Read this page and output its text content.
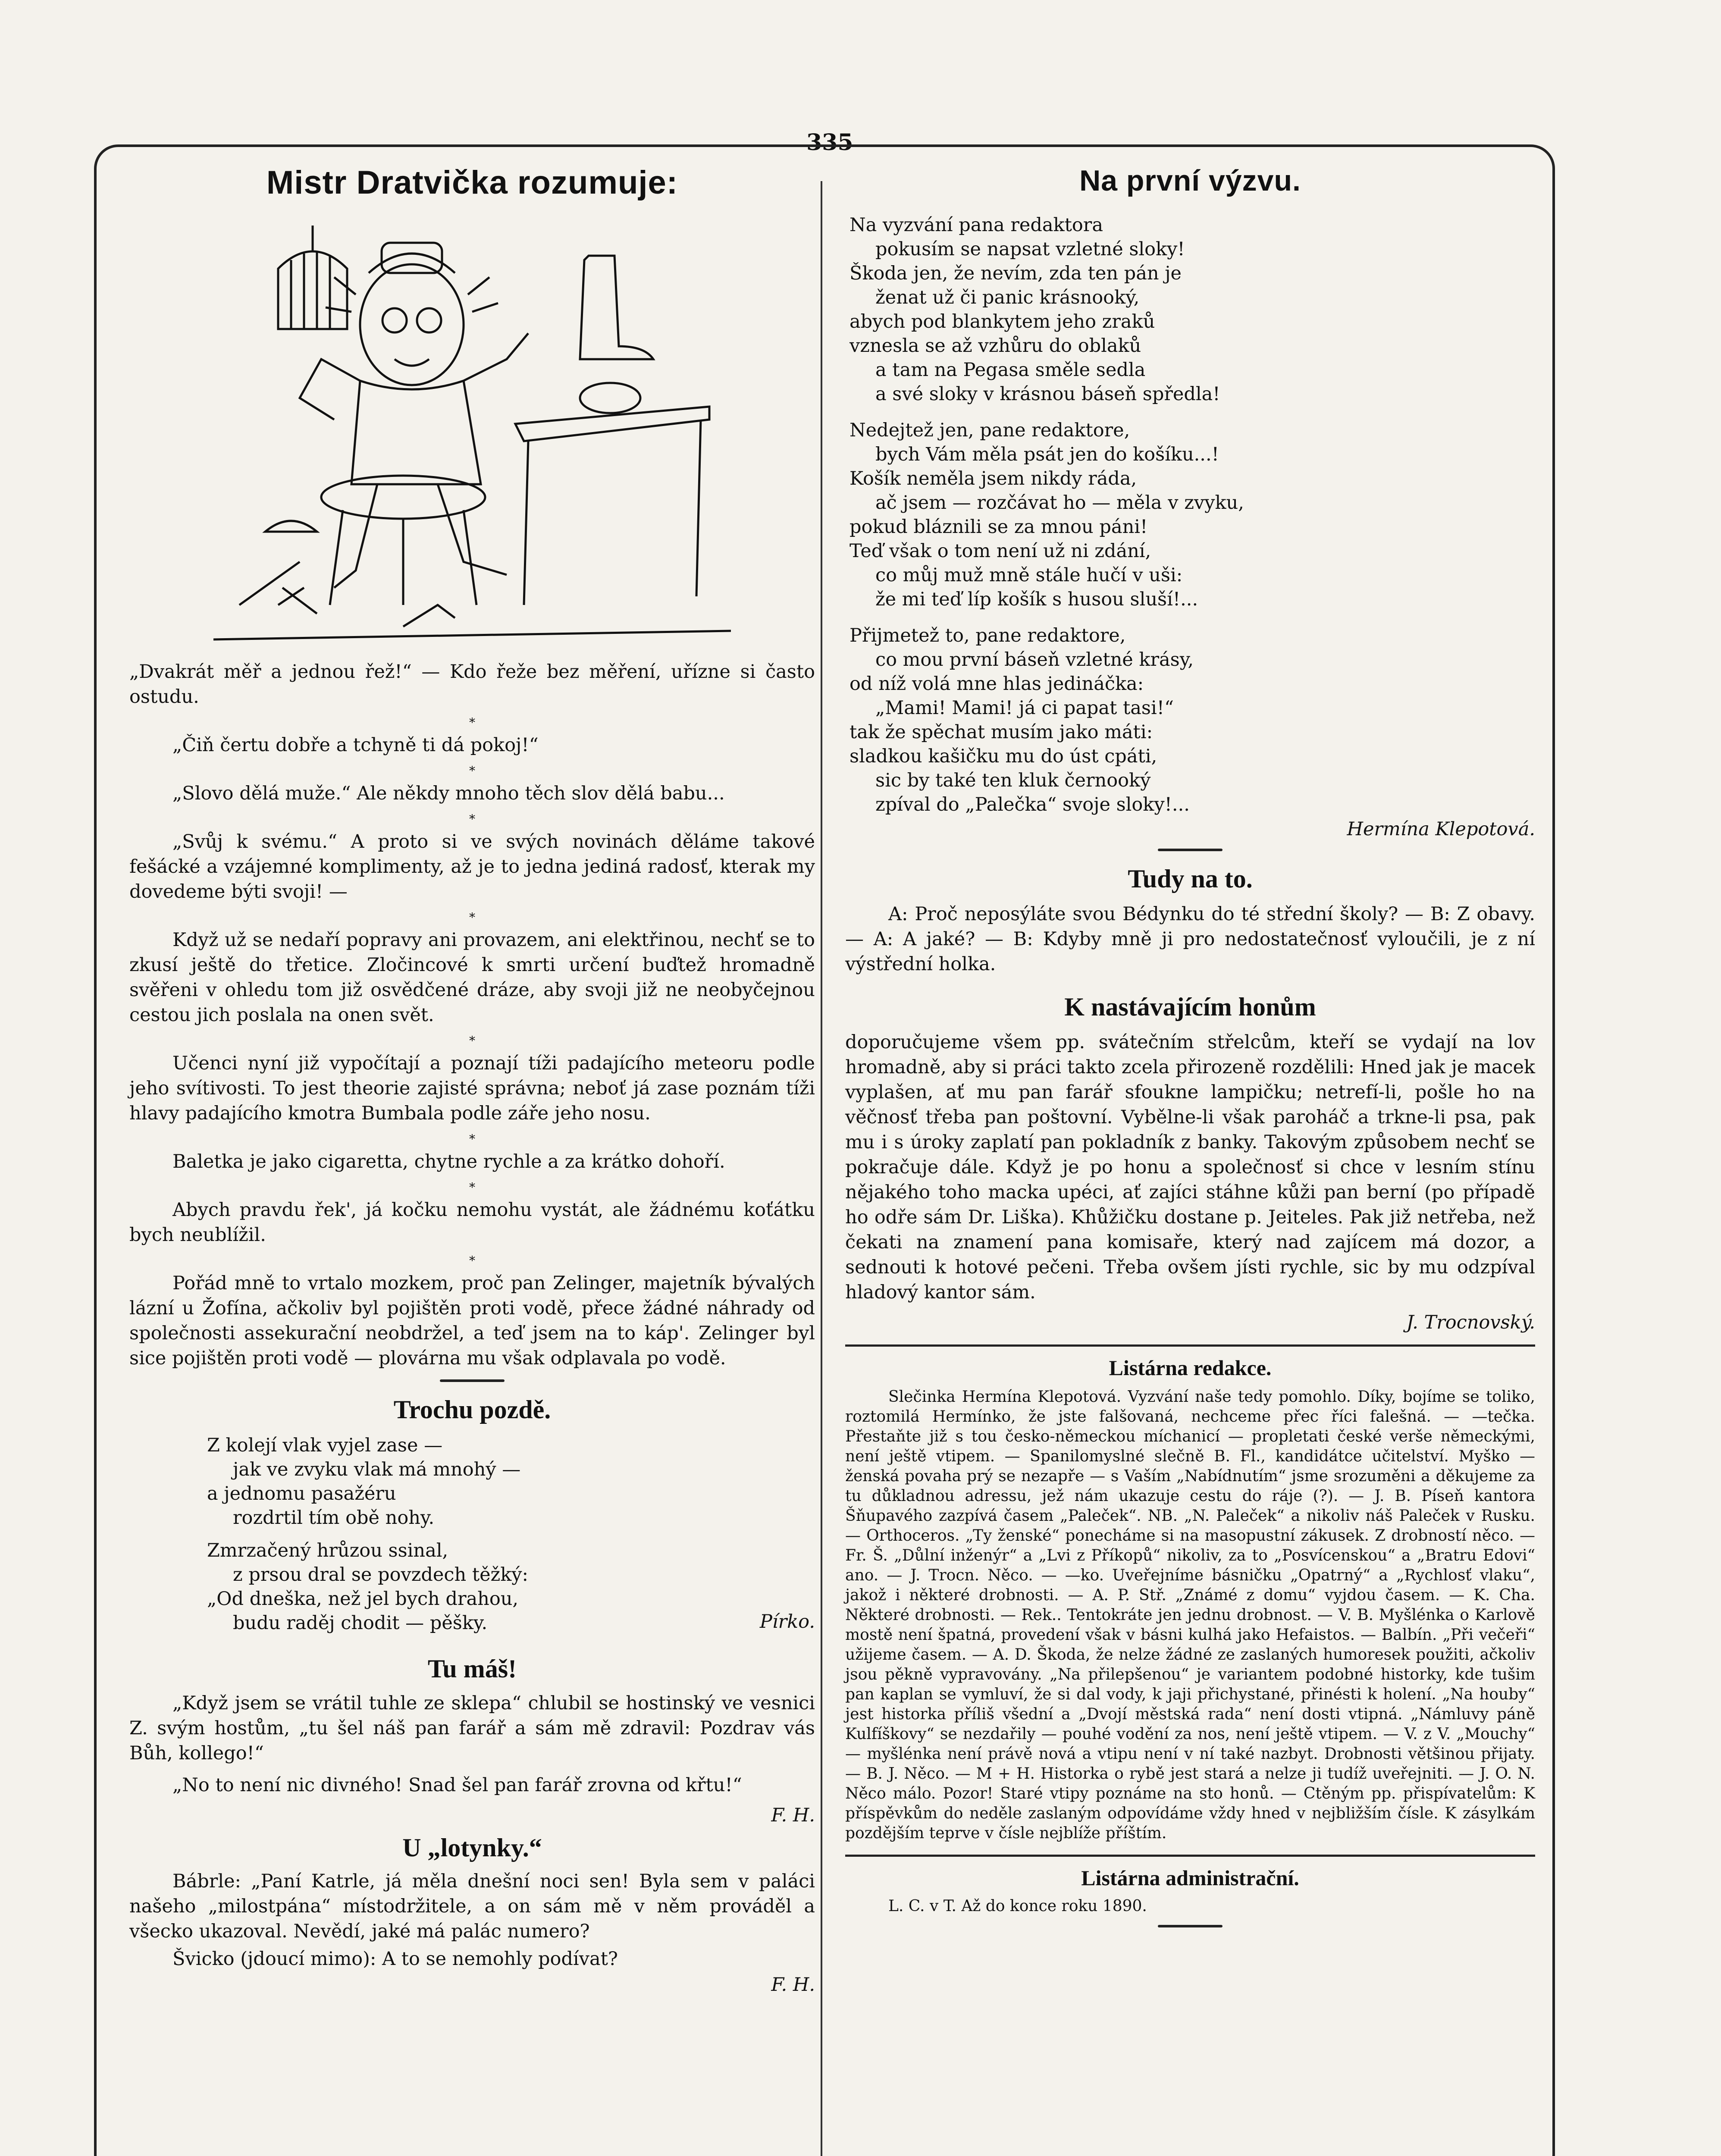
335
Mistr Dratvička rozumuje:

„Dvakrát měř a jednou řež!“ — Kdo řeže bez měření, uřízne si často ostudu.

*

„Čiň čertu dobře a tchyně ti dá pokoj!“

*

„Slovo dělá muže.“ Ale někdy mnoho těch slov dělá babu...

*

„Svůj k svému.“ A proto si ve svých novinách děláme takové fešácké a vzájemné komplimenty, až je to jedna jediná radosť, kterak my dovedeme býti svoji! —

*

Když už se nedaří popravy ani provazem, ani elektřinou, nechť se to zkusí ještě do třetice. Zločincové k smrti určení buďtež hromadně svěřeni v ohledu tom již osvědčené dráze, aby svoji již ne neobyčejnou cestou jich poslala na onen svět.

*

Učenci nyní již vypočítají a poznají tíži padajícího meteoru podle jeho svítivosti. To jest theorie zajisté správna; neboť já zase poznám tíži hlavy padajícího kmotra Bumbala podle záře jeho nosu.

*

Baletka je jako cigaretta, chytne rychle a za krátko dohoří.

*

Abych pravdu řek', já kočku nemohu vystát, ale žádnému koťátku bych neublížil.

*

Pořád mně to vrtalo mozkem, proč pan Zelinger, majetník bývalých lázní u Žofína, ačkoliv byl pojištěn proti vodě, přece žádné náhrady od společnosti assekurační neobdržel, a teď jsem na to káp'. Zelinger byl sice pojištěn proti vodě — plovárna mu však odplavala po vodě.

Trochu pozdě.
Z kolejí vlak vyjel zase —
jak ve zvyku vlak má mnohý —
a jednomu pasažéru
rozdrtil tím obě nohy.
Zmrzačený hrůzou ssinal,
z prsou dral se povzdech těžký:
„Od dneška, než jel bych drahou,
budu raděj chodit — pěšky.	Pírko.
Tu máš!

„Když jsem se vrátil tuhle ze sklepa“ chlubil se hostinský ve vesnici Z. svým hostům, „tu šel náš pan farář a sám mě zdravil: Pozdrav vás Bůh, kollego!“

„No to není nic divného! Snad šel pan farář zrovna od křtu!“

F. H.
U „lotynky.“

Bábrle: „Paní Katrle, já měla dnešní noci sen! Byla sem v paláci našeho „milostpána“ místodržitele, a on sám mě v něm prováděl a všecko ukazoval. Nevědí, jaké má palác numero?

Švicko (jdoucí mimo): A to se nemohly podívat?

F. H.
Na první výzvu.
Na vyzvání pana redaktora
pokusím se napsat vzletné sloky!
Škoda jen, že nevím, zda ten pán je
ženat už či panic krásnooký,
abych pod blankytem jeho zraků
vznesla se až vzhůru do oblaků
a tam na Pegasa směle sedla
a své sloky v krásnou báseň spředla!
Nedejtež jen, pane redaktore,
bych Vám měla psát jen do košíku...!
Košík neměla jsem nikdy ráda,
ač jsem — rozčávat ho — měla v zvyku,
pokud bláznili se za mnou páni!
Teď však o tom není už ni zdání,
co můj muž mně stále hučí v uši:
že mi teď líp košík s husou sluší!...
Přijmetež to, pane redaktore,
co mou první báseň vzletné krásy,
od níž volá mne hlas jedináčka:
„Mami! Mami! já ci papat tasi!“
tak že spěchat musím jako máti:
sladkou kašičku mu do úst cpáti,
sic by také ten kluk černooký
zpíval do „Palečka“ svoje sloky!...
Hermína Klepotová.
Tudy na to.

A: Proč neposýláte svou Bédynku do té střední školy? — B: Z obavy. — A: A jaké? — B: Kdyby mně ji pro nedostatečnosť vyloučili, je z ní výstřední holka.

K nastávajícím honům

doporučujeme všem pp. svátečním střelcům, kteří se vydají na lov hromadně, aby si práci takto zcela přirozeně rozdělili: Hned jak je macek vyplašen, ať mu pan farář sfoukne lampičku; netrefí-li, pošle ho na věčnosť třeba pan poštovní. Vybělne-li však paroháč a trkne-li psa, pak mu i s úroky zaplatí pan pokladník z banky. Takovým způsobem nechť se pokračuje dále. Když je po honu a společnosť si chce v lesním stínu nějakého toho macka upéci, ať zajíci stáhne kůži pan berní (po případě ho odře sám Dr. Liška). Khůžičku dostane p. Jeiteles. Pak již netřeba, než čekati na znamení pana komisaře, který nad zajícem má dozor, a sednouti k hotové pečeni. Třeba ovšem jísti rychle, sic by mu odzpíval hladový kantor sám.

J. Trocnovský.
Listárna redakce.

Slečinka Hermína Klepotová. Vyzvání naše tedy pomohlo. Díky, bojíme se toliko, roztomilá Hermínko, že jste falšovaná, nechceme přec říci falešná. — —tečka. Přestaňte již s tou česko-německou míchanicí — propletati české verše německými, není ještě vtipem. — Spanilomyslné slečně B. Fl., kandidátce učitelství. Myško — ženská povaha prý se nezapře — s Vaším „Nabídnutím“ jsme srozuměni a děkujeme za tu důkladnou adressu, jež nám ukazuje cestu do ráje (?). — J. B. Píseň kantora Šňupavého zazpívá časem „Paleček“. NB. „N. Paleček“ a nikoliv náš Paleček v Rusku. — Orthoceros. „Ty ženské“ ponecháme si na masopustní zákusek. Z drobností něco. — Fr. Š. „Důlní inženýr“ a „Lvi z Příkopů“ nikoliv, za to „Posvícenskou“ a „Bratru Edovi“ ano. — J. Trocn. Něco. — —ko. Uveřejníme básničku „Opatrný“ a „Rychlosť vlaku“, jakož i některé drobnosti. — A. P. Stř. „Známé z domu“ vyjdou časem. — K. Cha. Některé drobnosti. — Rek.. Tentokráte jen jednu drobnost. — V. B. Myšlénka o Karlově mostě není špatná, provedení však v básni kulhá jako Hefaistos. — Balbín. „Při večeři“ užijeme časem. — A. D. Škoda, že nelze žádné ze zaslaných humoresek použiti, ačkoliv jsou pěkně vypravovány. „Na přilepšenou“ je variantem podobné historky, kde tušim pan kaplan se vymluví, že si dal vody, k jaji přichystané, přinésti k holení. „Na houby“ jest historka příliš všední a „Dvojí městská rada“ není dosti vtipná. „Námluvy páně Kulfíškovy“ se nezdařily — pouhé vodění za nos, není ještě vtipem. — V. z V. „Mouchy“ — myšlénka není právě nová a vtipu není v ní také nazbyt. Drobnosti většinou přijaty. — B. J. Něco. — M + H. Historka o rybě jest stará a nelze ji tudíž uveřejniti. — J. O. N. Něco málo. Pozor! Staré vtipy poznáme na sto honů. — Ctěným pp. přispívatelům: K příspěvkům do neděle zaslaným odpovídáme vždy hned v nejbližším čísle. K zásylkám pozdějším teprve v čísle nejblíže příštím.

Listárna administrační.

L. C. v T. Až do konce roku 1890.
